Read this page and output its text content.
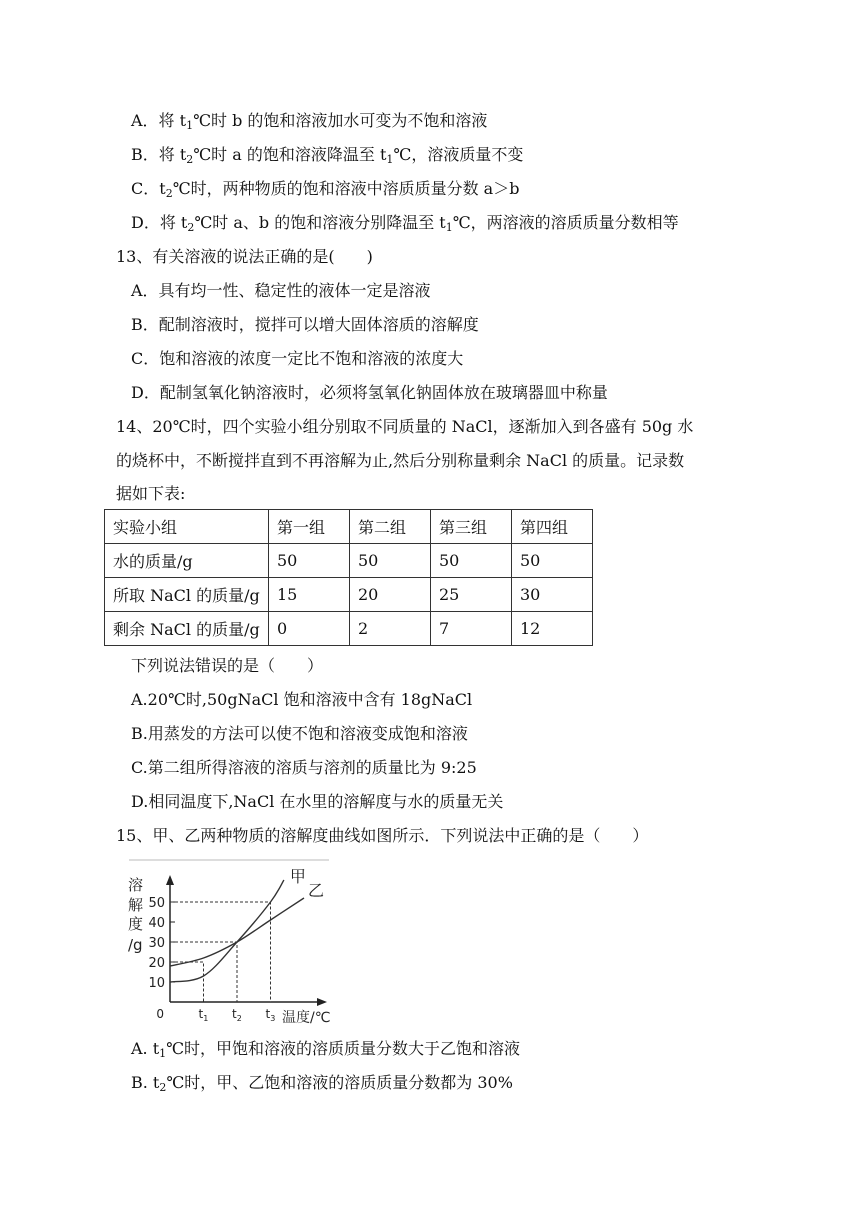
A．将 $t_1℃$时 b 的饱和溶液加水可变为不饱和溶液
B．将 $t_2℃$时 a 的饱和溶液降温至 $t_1℃$，溶液质量不变
C．$t_2℃$时，两种物质的饱和溶液中溶质质量分数 a＞b
D．将 $t_2℃$时 a、b 的饱和溶液分别降温至 $t_1℃$，两溶液的溶质质量分数相等
13、有关溶液的说法正确的是(　　)
A．具有均一性、稳定性的液体一定是溶液
B．配制溶液时，搅拌可以增大固体溶质的溶解度
C．饱和溶液的浓度一定比不饱和溶液的浓度大
D．配制氢氧化钠溶液时，必须将氢氧化钠固体放在玻璃器皿中称量
14、20℃时，四个实验小组分别取不同质量的 NaCl，逐渐加入到各盛有 50g 水
的烧杯中，不断搅拌直到不再溶解为止,然后分别称量剩余 NaCl 的质量。记录数
据如下表:
实验小组	第一组	第二组	第三组	第四组
水的质量/g	50	50	50	50
所取 NaCl 的质量/g	15	20	25	30
剩余 NaCl 的质量/g	0	2	7	12
下列说法错误的是（　　）
A.20℃时,50gNaCl 饱和溶液中含有 18gNaCl
B.用蒸发的方法可以使不饱和溶液变成饱和溶液
C.第二组所得溶液的溶质与溶剂的质量比为 9:25
D.相同温度下,NaCl 在水里的溶解度与水的质量无关
15、甲、乙两种物质的溶解度曲线如图所示．下列说法中正确的是（　　）
10
20
30
40
50
甲
乙
$t_1$ $t_2$ $t_3$
0
溶
解
度
/g
温度/℃
A. $t_1℃$时，甲饱和溶液的溶质质量分数大于乙饱和溶液
B. $t_2℃$时，甲、乙饱和溶液的溶质质量分数都为 30%
